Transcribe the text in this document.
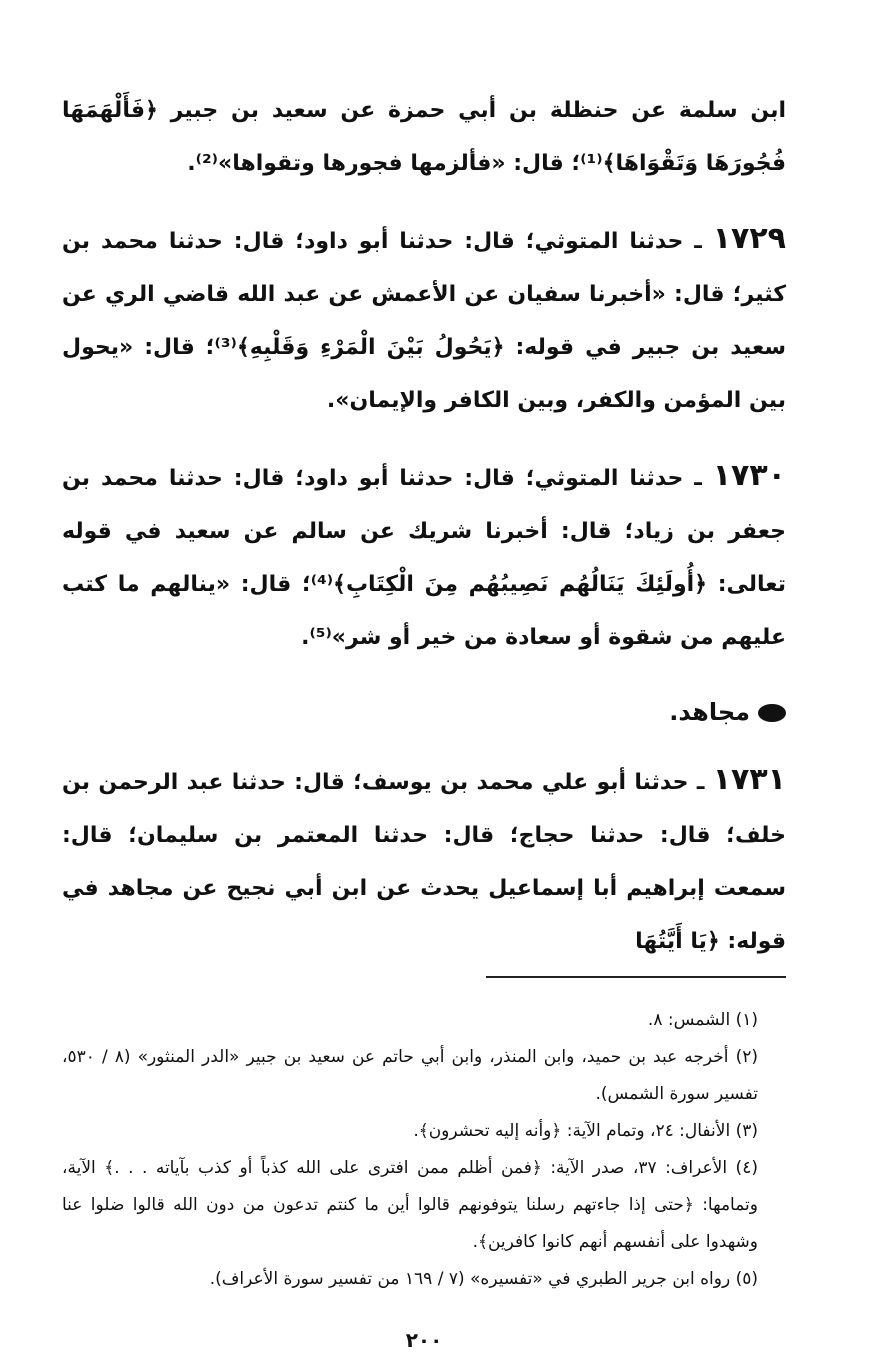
ابن سلمة عن حنظلة بن أبي حمزة عن سعيد بن جبير ﴿فَأَلْهَمَهَا فُجُورَهَا وَتَقْوَاهَا﴾⁽¹⁾؛ قال: «فألزمها فجورها وتقواها»⁽²⁾.

١٧٢٩ ـ حدثنا المتوثي؛ قال: حدثنا أبو داود؛ قال: حدثنا محمد بن كثير؛ قال: «أخبرنا سفيان عن الأعمش عن عبد الله قاضي الري عن سعيد بن جبير في قوله: ﴿يَحُولُ بَيْنَ الْمَرْءِ وَقَلْبِهِ﴾⁽³⁾؛ قال: «يحول بين المؤمن والكفر، وبين الكافر والإيمان».

١٧٣٠ ـ حدثنا المتوثي؛ قال: حدثنا أبو داود؛ قال: حدثنا محمد بن جعفر بن زياد؛ قال: أخبرنا شريك عن سالم عن سعيد في قوله تعالى: ﴿أُولَئِكَ يَنَالُهُم نَصِيبُهُم مِنَ الْكِتَابِ﴾⁽⁴⁾؛ قال: «ينالهم ما كتب عليهم من شقوة أو سعادة من خير أو شر»⁽⁵⁾.

مجاهد.

١٧٣١ ـ حدثنا أبو علي محمد بن يوسف؛ قال: حدثنا عبد الرحمن بن خلف؛ قال: حدثنا حجاج؛ قال: حدثنا المعتمر بن سليمان؛ قال: سمعت إبراهيم أبا إسماعيل يحدث عن ابن أبي نجيح عن مجاهد في قوله: ﴿يَا أَيَّتُهَا

(١) الشمس: ٨.

(٢) أخرجه عبد بن حميد، وابن المنذر، وابن أبي حاتم عن سعيد بن جبير «الدر المنثور» (٨ / ٥٣٠، تفسير سورة الشمس).

(٣) الأنفال: ٢٤، وتمام الآية: ﴿وأنه إليه تحشرون﴾.

(٤) الأعراف: ٣٧، صدر الآية: ﴿فمن أظلم ممن افترى على الله كذباً أو كذب بآياته . . .﴾ الآية، وتمامها: ﴿حتى إذا جاءتهم رسلنا يتوفونهم قالوا أين ما كنتم تدعون من دون الله قالوا ضلوا عنا وشهدوا على أنفسهم أنهم كانوا كافرين﴾.

(٥) رواه ابن جرير الطبري في «تفسيره» (٧ / ١٦٩ من تفسير سورة الأعراف).

٢٠٠
